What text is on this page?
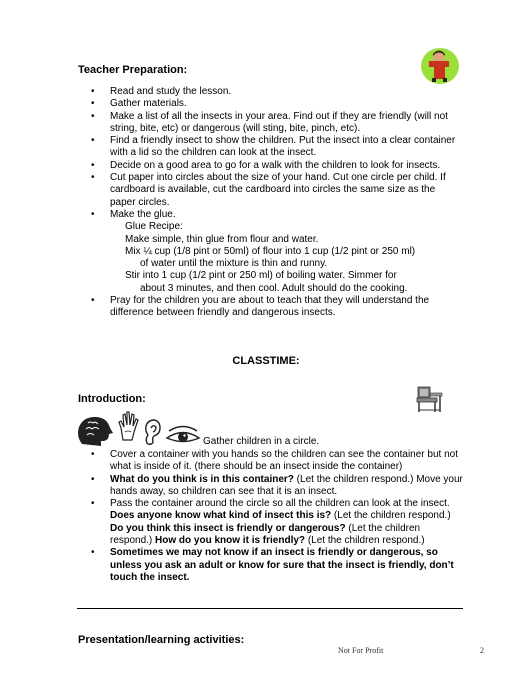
Teacher Preparation:
• Read and study the lesson.
• Gather materials.
• Make a list of all the insects in your area. Find out if they are friendly (will not string, bite, etc) or dangerous (will sting, bite, pinch, etc).
• Find a friendly insect to show the children. Put the insect into a clear container with a lid so the children can look at the insect.
• Decide on a good area to go for a walk with the children to look for insects.
• Cut paper into circles about the size of your hand. Cut one circle per child. If cardboard is available, cut the cardboard into circles the same size as the paper circles.
• Make the glue.
Glue Recipe:
Make simple, thin glue from flour and water.
Mix ¼ cup (1/8 pint or 50ml) of flour into 1 cup (1/2 pint or 250 ml)
of water until the mixture is thin and runny.
Stir into 1 cup (1/2 pint or 250 ml) of boiling water. Simmer for
about 3 minutes, and then cool. Adult should do the cooking.
• Pray for the children you are about to teach that they will understand the difference between friendly and dangerous insects.
CLASSTIME:
Introduction:
Gather children in a circle.
• Cover a container with you hands so the children can see the container but not what is inside of it. (there should be an insect inside the container)
• What do you think is in this container? (Let the children respond.) Move your hands away, so children can see that it is an insect.
• Pass the container around the circle so all the children can look at the insect.
Does anyone know what kind of insect this is? (Let the children respond.) Do you think this insect is friendly or dangerous? (Let the children respond.) How do you know it is friendly? (Let the children respond.)
• Sometimes we may not know if an insect is friendly or dangerous, so unless you ask an adult or know for sure that the insect is friendly, don’t touch the insect.
Presentation/learning activities:
Not For Profit	2
